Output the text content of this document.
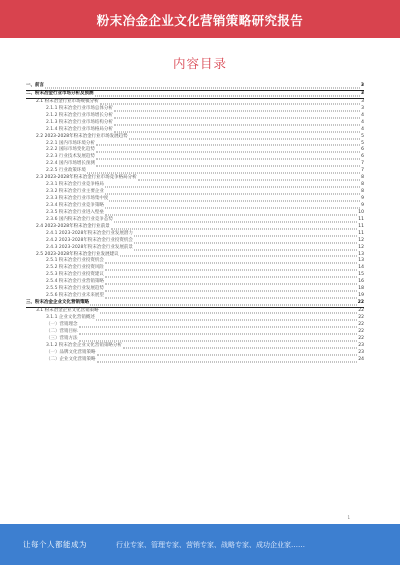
粉末冶金企业文化营销策略研究报告
内容目录
一、前言	3
二、粉末冶金行业市场分析及预测	3
2.1 粉末冶金行业市场规模分析	3
2.1.1 粉末冶金行业市场总体分析	3
2.1.2 粉末冶金行业市场增长分析	4
2.1.3 粉末冶金行业市场结构分析	4
2.1.4 粉末冶金行业市场格局分析	4
2.2 2023-2028年粉末冶金行业市场发展趋势	5
2.2.1 国内市场环境分析	5
2.2.2 国际市场变化趋势	6
2.2.3 行业技术发展趋势	6
2.2.4 国内市场增长预测	7
2.2.5 行业政策环境	7
2.3 2023-2028年粉末冶金行业市场竞争格局分析	8
2.3.1 粉末冶金行业竞争格局	8
2.3.2 粉末冶金行业主要企业	8
2.3.3 粉末冶金行业市场集中度	9
2.3.4 粉末冶金行业竞争策略	9
2.3.5 粉末冶金行业进入壁垒	10
2.3.6 国内粉末冶金行业竞争态势	11
2.4 2023-2028年粉末冶金行业前景	11
2.4.1 2023-2028年粉末冶金行业发展潜力	11
2.4.2 2023-2028年粉末冶金行业投资机会	12
2.4.3 2023-2028年粉末冶金行业发展前景	12
2.5 2023-2028年粉末冶金行业发展建议	13
2.5.1 粉末冶金行业投资机会	13
2.5.2 粉末冶金行业投资风险	14
2.5.3 粉末冶金行业投资建议	15
2.5.4 粉末冶金行业营销策略	16
2.5.5 粉末冶金行业发展趋势	18
2.5.6 粉末冶金行业未来展望	19
三、粉末冶金企业文化营销策略	22
3.1 粉末冶金企业文化营销策略	22
3.1.1 企业文化营销概述	22
（一）营销理念	22
（二）营销目标	22
（三）营销方法	22
3.1.2 粉末冶金企业文化营销策略分析	23
（一）品牌文化营销策略	23
（二）企业文化营销策略	24
1
让每个人都能成为	行业专家、管理专家、营销专家、战略专家、成功企业家……
